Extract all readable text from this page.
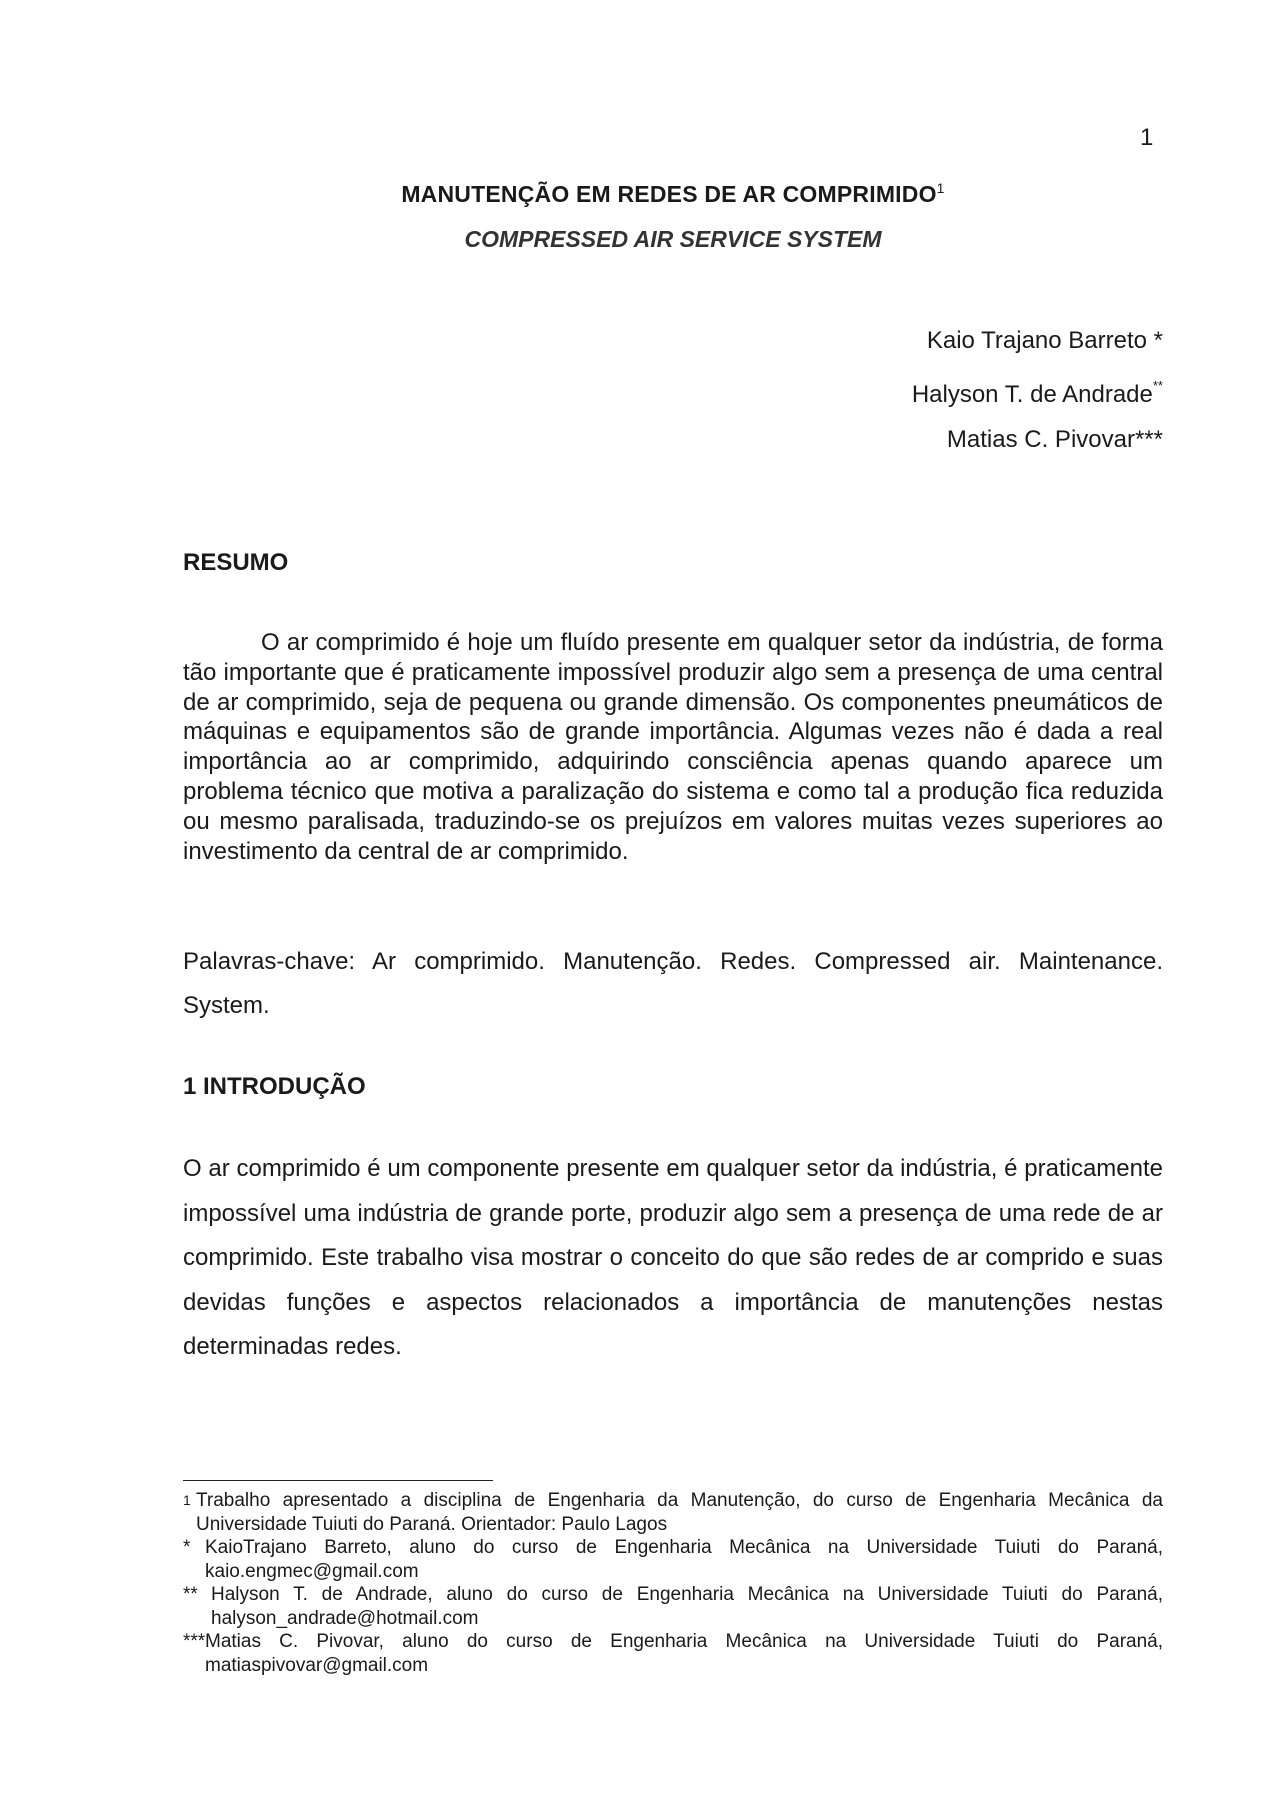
1
MANUTENÇÃO EM REDES DE AR COMPRIMIDO$^1$
COMPRESSED AIR SERVICE SYSTEM
Kaio Trajano Barreto *
Halyson T. de Andrade**
Matias C. Pivovar***
RESUMO
O ar comprimido é hoje um fluído presente em qualquer setor da indústria, de forma tão importante que é praticamente impossível produzir algo sem a presença de uma central de ar comprimido, seja de pequena ou grande dimensão. Os componentes pneumáticos de máquinas e equipamentos são de grande importância. Algumas vezes não é dada a real importância ao ar comprimido, adquirindo consciência apenas quando aparece um problema técnico que motiva a paralização do sistema e como tal a produção fica reduzida ou mesmo paralisada, traduzindo-se os prejuízos em valores muitas vezes superiores ao investimento da central de ar comprimido.
Palavras-chave: Ar comprimido. Manutenção. Redes. Compressed air. Maintenance. System.
1 INTRODUÇÃO
O ar comprimido é um componente presente em qualquer setor da indústria, é praticamente impossível uma indústria de grande porte, produzir algo sem a presença de uma rede de ar comprimido. Este trabalho visa mostrar o conceito do que são redes de ar comprido e suas devidas funções e aspectos relacionados a importância de manutenções nestas determinadas redes.
1 Trabalho apresentado a disciplina de Engenharia da Manutenção, do curso de Engenharia Mecânica da Universidade Tuiuti do Paraná. Orientador: Paulo Lagos
* KaioTrajano Barreto, aluno do curso de Engenharia Mecânica na Universidade Tuiuti do Paraná, kaio.engmec@gmail.com
** Halyson T. de Andrade, aluno do curso de Engenharia Mecânica na Universidade Tuiuti do Paraná, halyson_andrade@hotmail.com
*** Matias C. Pivovar, aluno do curso de Engenharia Mecânica na Universidade Tuiuti do Paraná, matiaspivovar@gmail.com
